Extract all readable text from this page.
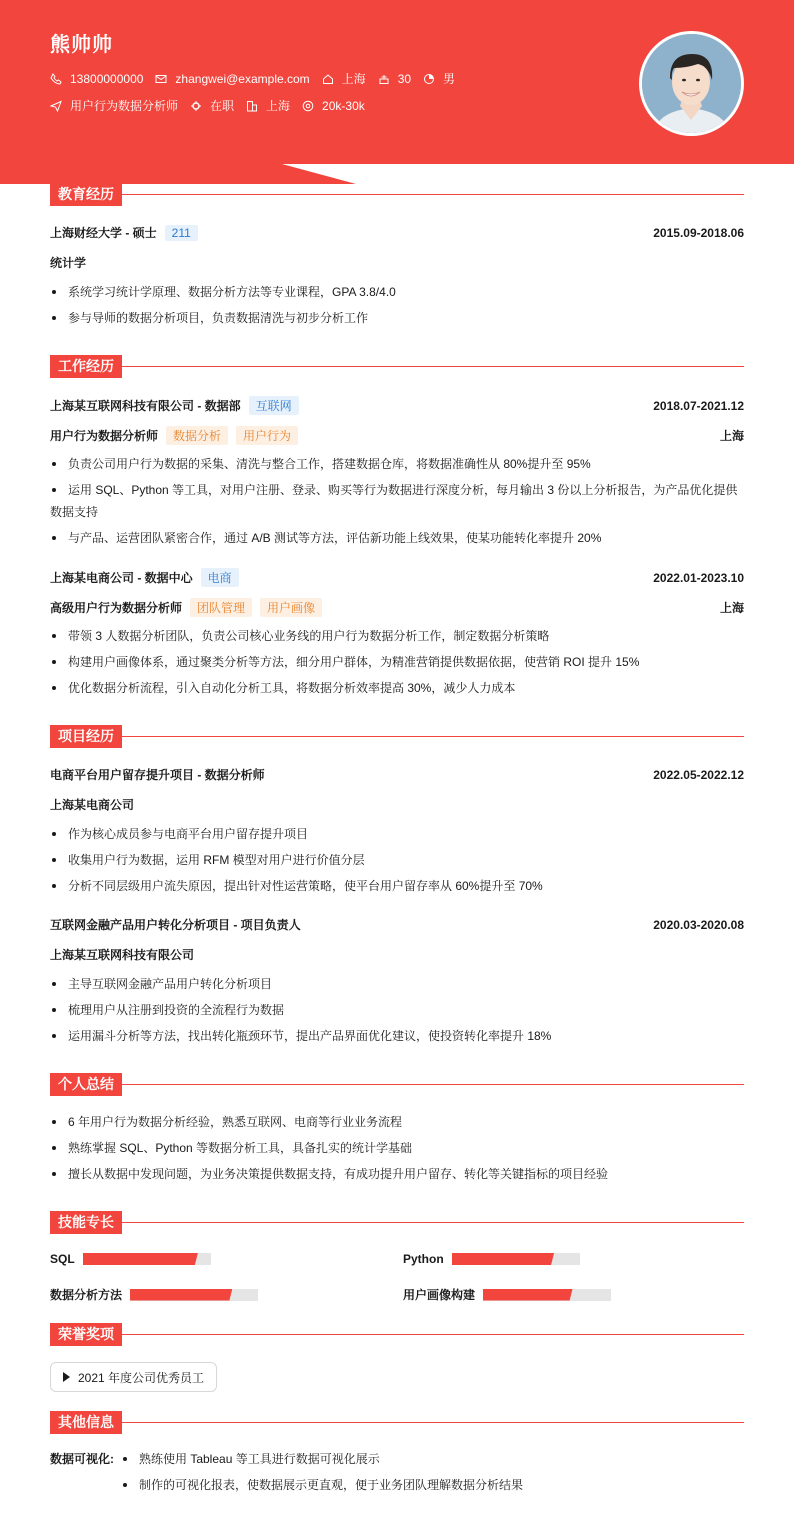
熊帅帅
13800000000	zhangwei@example.com	上海	30	男
用户行为数据分析师	在职	上海	20k-30k
教育经历
上海财经大学 - 硕士	211	2015.09-2018.06
统计学
系统学习统计学原理、数据分析方法等专业课程，GPA 3.8/4.0
参与导师的数据分析项目，负责数据清洗与初步分析工作
工作经历
上海某互联网科技有限公司 - 数据部	互联网	2018.07-2021.12
用户行为数据分析师	数据分析	用户行为	上海
负责公司用户行为数据的采集、清洗与整合工作，搭建数据仓库，将数据准确性从 80%提升至 95%
运用 SQL、Python 等工具，对用户注册、登录、购买等行为数据进行深度分析，每月输出 3 份以上分析报告，为产品优化提供
数据支持
与产品、运营团队紧密合作，通过 A/B 测试等方法，评估新功能上线效果，使某功能转化率提升 20%
上海某电商公司 - 数据中心	电商	2022.01-2023.10
高级用户行为数据分析师	团队管理	用户画像	上海
带领 3 人数据分析团队，负责公司核心业务线的用户行为数据分析工作，制定数据分析策略
构建用户画像体系，通过聚类分析等方法，细分用户群体，为精准营销提供数据依据，使营销 ROI 提升 15%
优化数据分析流程，引入自动化分析工具，将数据分析效率提高 30%，减少人力成本
项目经历
电商平台用户留存提升项目 - 数据分析师	2022.05-2022.12
上海某电商公司
作为核心成员参与电商平台用户留存提升项目
收集用户行为数据，运用 RFM 模型对用户进行价值分层
分析不同层级用户流失原因，提出针对性运营策略，使平台用户留存率从 60%提升至 70%
互联网金融产品用户转化分析项目 - 项目负责人	2020.03-2020.08
上海某互联网科技有限公司
主导互联网金融产品用户转化分析项目
梳理用户从注册到投资的全流程行为数据
运用漏斗分析等方法，找出转化瓶颈环节，提出产品界面优化建议，使投资转化率提升 18%
个人总结
6 年用户行为数据分析经验，熟悉互联网、电商等行业业务流程
熟练掌握 SQL、Python 等数据分析工具，具备扎实的统计学基础
擅长从数据中发现问题，为业务决策提供数据支持，有成功提升用户留存、转化等关键指标的项目经验
技能专长
SQL	Python
数据分析方法	用户画像构建
荣誉奖项
2021 年度公司优秀员工
其他信息
数据可视化:	熟练使用 Tableau 等工具进行数据可视化展示
制作的可视化报表，使数据展示更直观，便于业务团队理解数据分析结果
